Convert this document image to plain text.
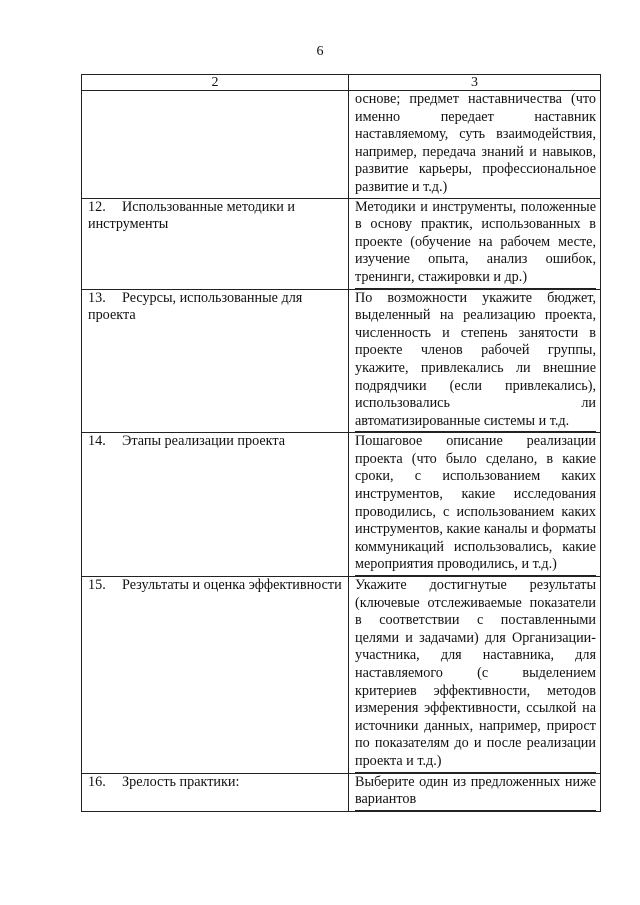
6
2	3

	основе; предмет наставничества (что именно передает наставник наставляемому, суть взаимодействия, например, передача знаний и навыков, развитие карьеры, профессиональное развитие и т.д.)

12. Использованные методики и инструменты	Методики и инструменты, положенные в основу практик, использованных в проекте (обучение на рабочем месте, изучение опыта, анализ ошибок, тренинги, стажировки и др.)

13. Ресурсы, использованные для проекта	По возможности укажите бюджет, выделенный на реализацию проекта, численность и степень занятости в проекте членов рабочей группы, укажите, привлекались ли внешние подрядчики (если привлекались), использовались ли автоматизированные системы и т.д.

14. Этапы реализации проекта	Пошаговое описание реализации проекта (что было сделано, в какие сроки, с использованием каких инструментов, какие исследования проводились, с использованием каких инструментов, какие каналы и форматы коммуникаций использовались, какие мероприятия проводились, и т.д.)

15. Результаты и оценка эффективности	Укажите достигнутые результаты (ключевые отслеживаемые показатели в соответствии с поставленными целями и задачами) для Организации-участника, для наставника, для наставляемого (с выделением критериев эффективности, методов измерения эффективности, ссылкой на источники данных, например, прирост по показателям до и после реализации проекта и т.д.)

16. Зрелость практики:	Выберите один из предложенных ниже вариантов
